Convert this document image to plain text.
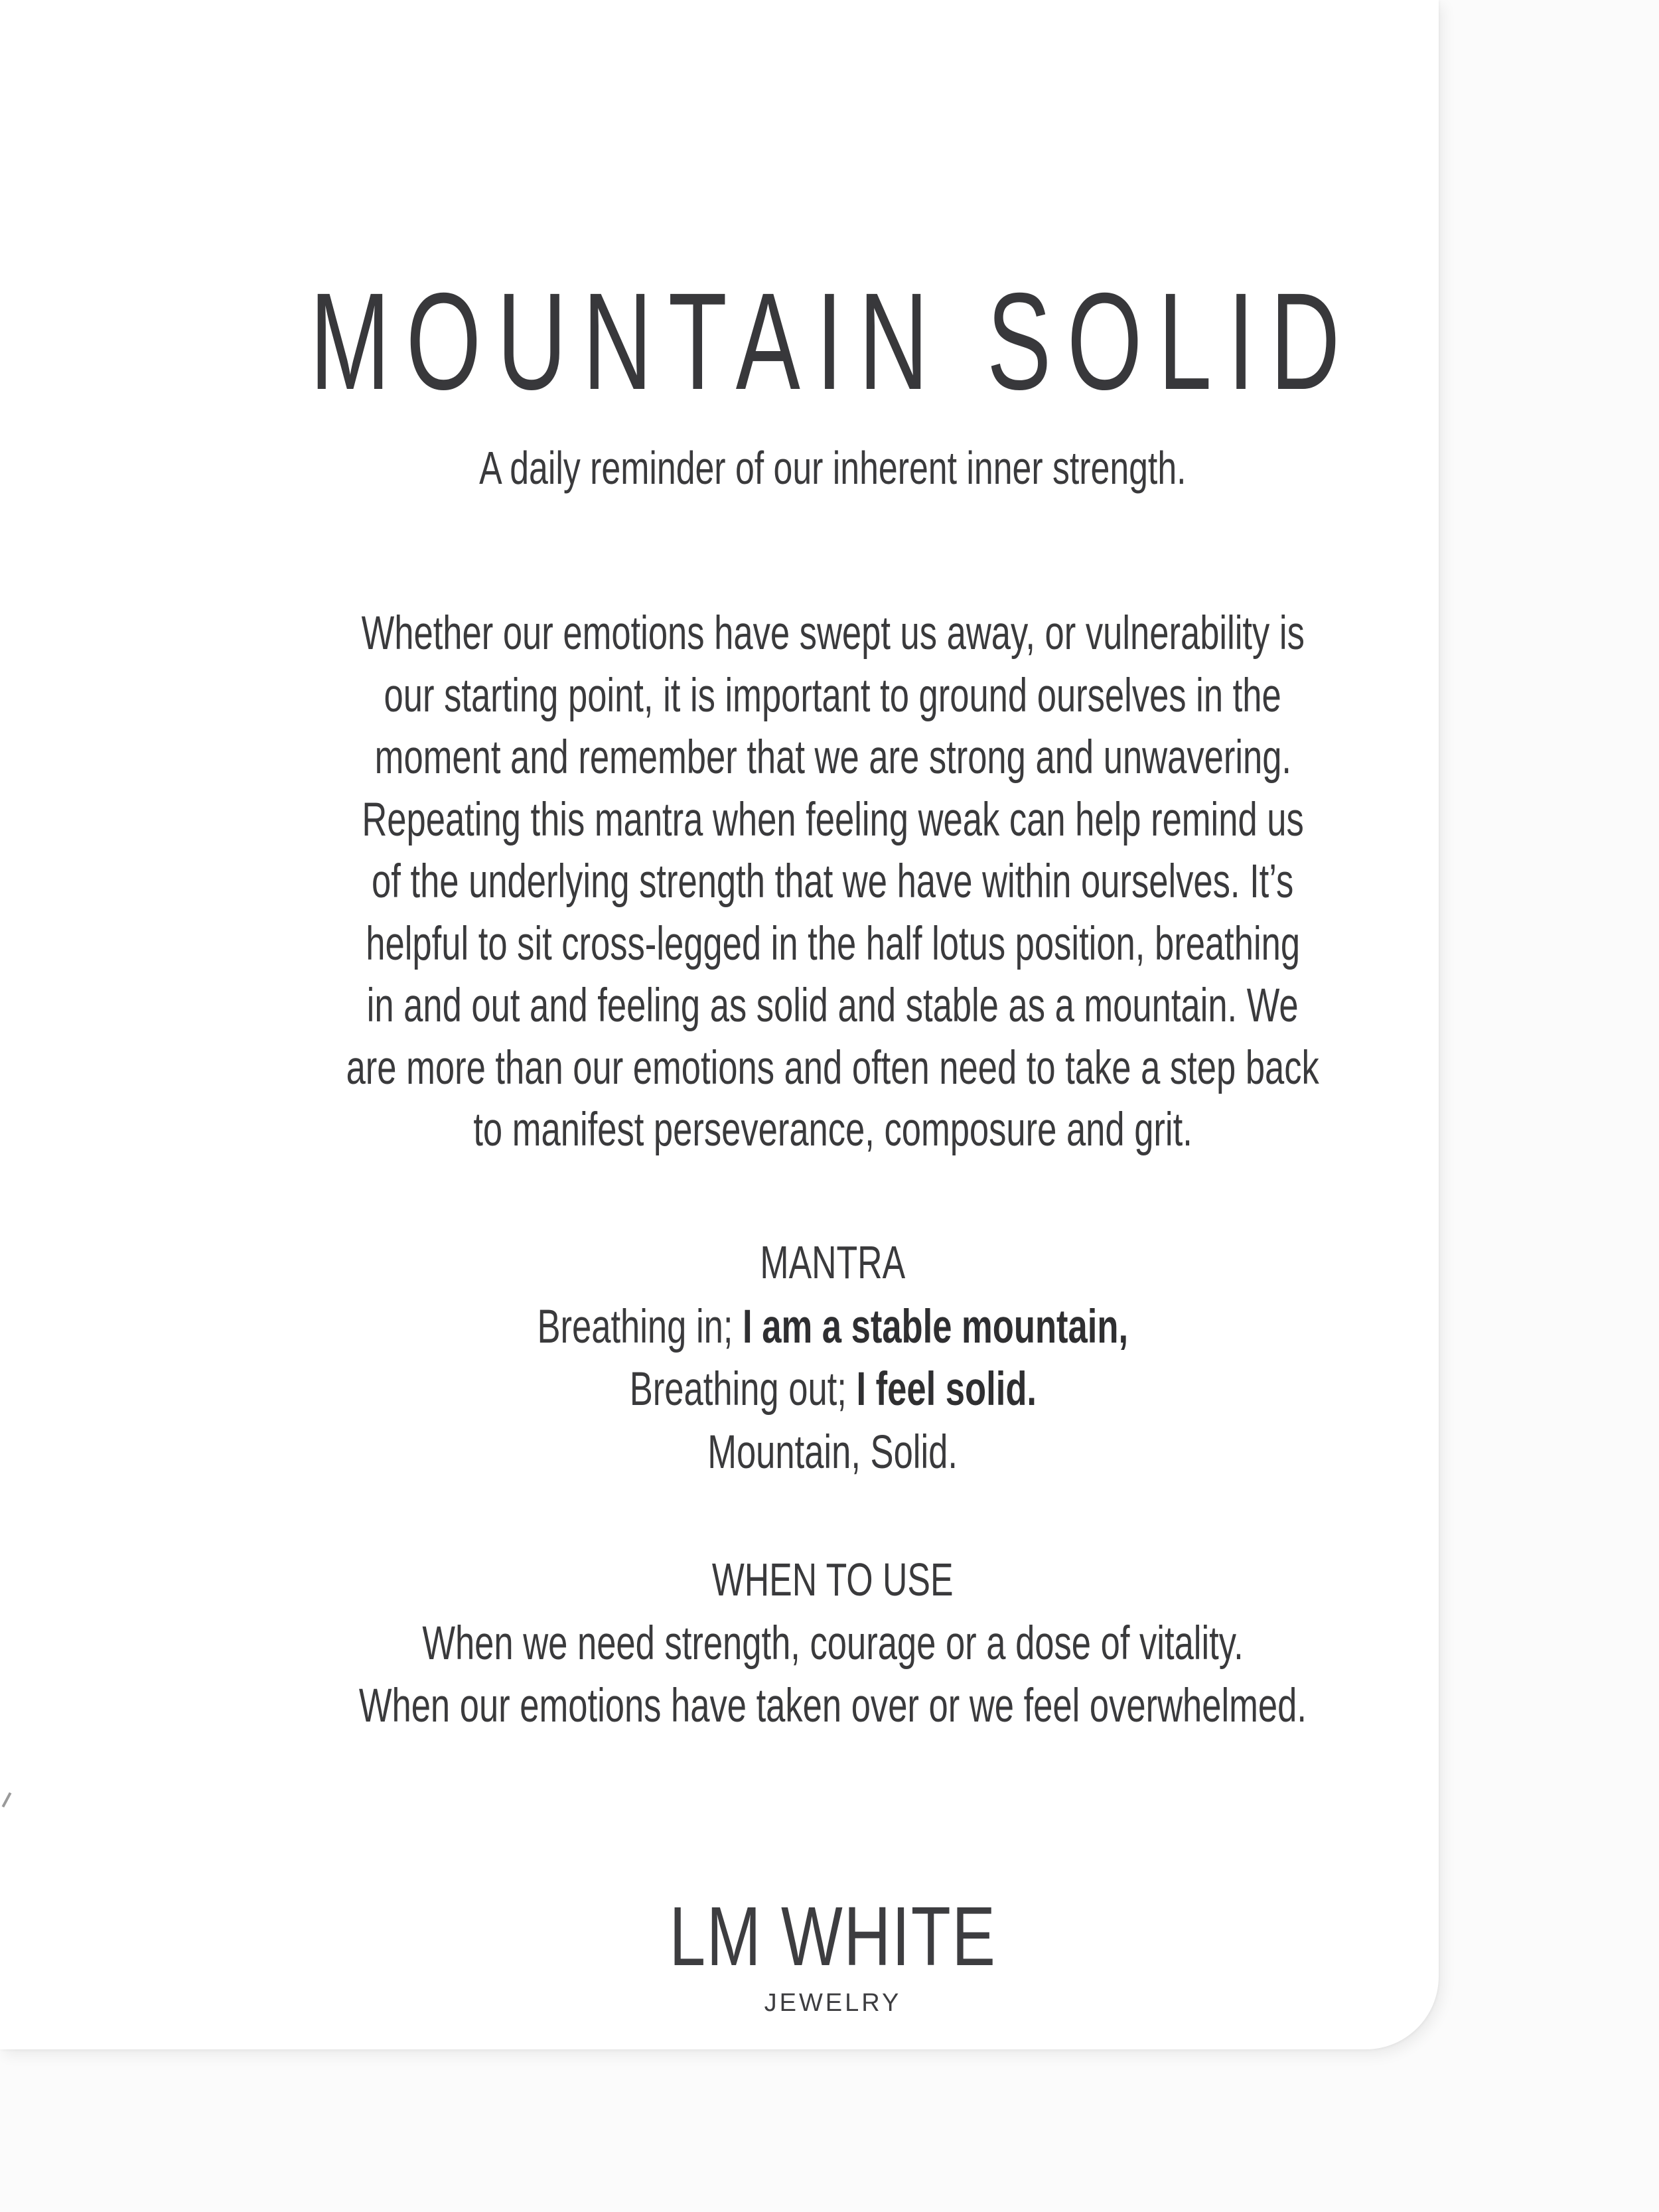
MOUNTAIN SOLID
A daily reminder of our inherent inner strength.
Whether our emotions have swept us away, or vulnerability is
our starting point, it is important to ground ourselves in the
moment and remember that we are strong and unwavering.
Repeating this mantra when feeling weak can help remind us
of the underlying strength that we have within ourselves. It’s
helpful to sit cross-legged in the half lotus position, breathing
in and out and feeling as solid and stable as a mountain. We
are more than our emotions and often need to take a step back
to manifest perseverance, composure and grit.
MANTRA
Breathing in; I am a stable mountain,
Breathing out; I feel solid.
Mountain, Solid.
WHEN TO USE
When we need strength, courage or a dose of vitality.
When our emotions have taken over or we feel overwhelmed.
LM WHITE
JEWELRY
